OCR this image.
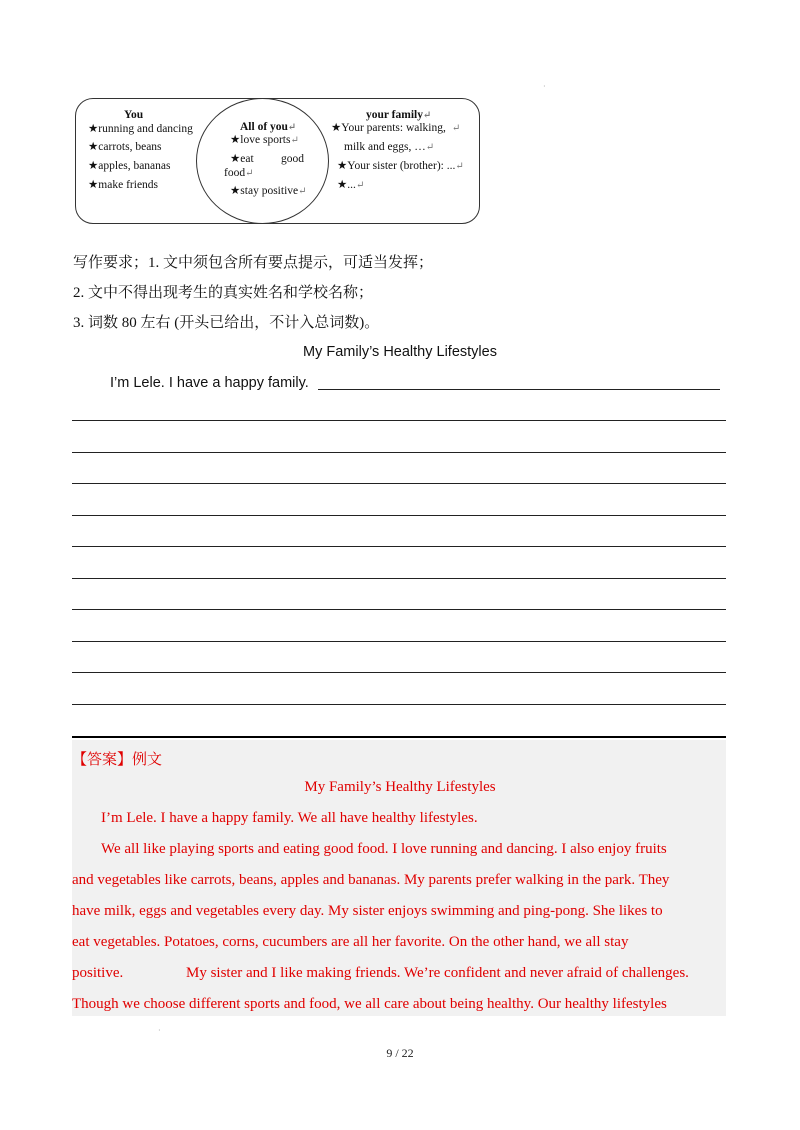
You
★running and dancing
★carrots, beans
★apples, bananas
★make friends
All of you↵
★love sports↵
★eat good
food↵
★stay positive↵
your family↵
★Your parents: walking, ↵
milk and eggs, …↵
★Your sister (brother): ...↵
★...↵
·
写作要求；1. 文中须包含所有要点提示，可适当发挥；
2. 文中不得出现考生的真实姓名和学校名称；
3. 词数 80 左右 (开头已给出，不计入总词数)。
My Family’s Healthy Lifestyles
I’m Lele. I have a happy family.
【答案】例文
My Family’s Healthy Lifestyles
I’m Lele. I have a happy family. We all have healthy lifestyles.
We all like playing sports and eating good food. I love running and dancing. I also enjoy fruits
and vegetables like carrots, beans, apples and bananas. My parents prefer walking in the park. They
have milk, eggs and vegetables every day. My sister enjoys swimming and ping-pong. She likes to
eat vegetables. Potatoes, corns, cucumbers are all her favorite. On the other hand, we all stay
positive.	My sister and I like making friends. We’re confident and never afraid of challenges.
Though we choose different sports and food, we all care about being healthy. Our healthy lifestyles
·
9 / 22
